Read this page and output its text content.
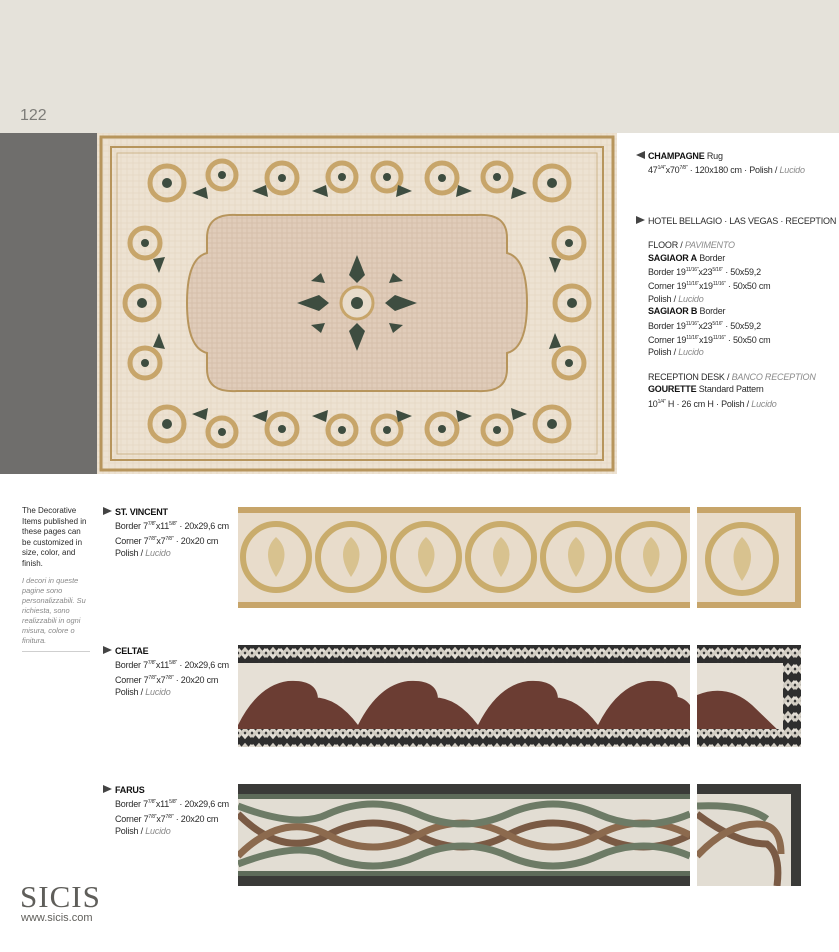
122
CHAMPAGNE Rug
$47^{1/4"}x70^{7/8"} \cdot 120x180$ cm · Polish / Lucido
HOTEL BELLAGIO · LAS VEGAS · RECEPTION
FLOOR / PAVIMENTO
SAGIAOR A Border
Border $19^{11/16"}x23^{5/16"} \cdot 50x59,2$
Corner $19^{11/16"}x19^{11/16"} \cdot 50x50$ cm
Polish / Lucido
SAGIAOR B Border
Border $19^{11/16"}x23^{5/16"} \cdot 50x59,2$
Corner $19^{11/16"}x19^{11/16"} \cdot 50x50$ cm
Polish / Lucido
RECEPTION DESK / BANCO RECEPTION
GOURETTE Standard Pattern
$10^{1/4"}$ H · 26 cm H · Polish / Lucido
The Decorative Items published in these pages can be customized in size, color, and finish.
I decori in queste pagine sono personalizzabili. Su richiesta, sono realizzabili in ogni misura, colore o finitura.
ST. VINCENT
Border $7^{7/8"}x11^{5/8"} \cdot 20x29,6$ cm
Corner $7^{7/8"}x7^{7/8"} \cdot 20x20$ cm
Polish / Lucido
CELTAE
Border $7^{7/8"}x11^{5/8"} \cdot 20x29,6$ cm
Corner $7^{7/8"}x7^{7/8"} \cdot 20x20$ cm
Polish / Lucido
FARUS
Border $7^{7/8"}x11^{5/8"} \cdot 20x29,6$ cm
Corner $7^{7/8"}x7^{7/8"} \cdot 20x20$ cm
Polish / Lucido
SICIS
www.sicis.com
